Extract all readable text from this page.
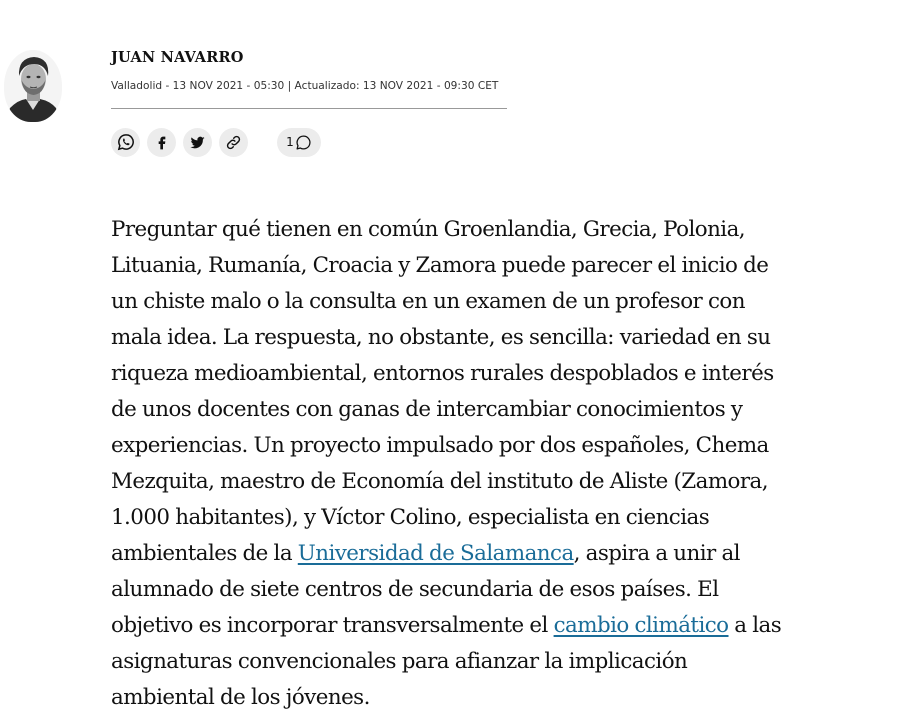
JUAN NAVARRO
Valladolid - 13 NOV 2021 - 05:30 | Actualizado: 13 NOV 2021 - 09:30 CET
1

Preguntar qué tienen en común Groenlandia, Grecia, Polonia,
Lituania, Rumanía, Croacia y Zamora puede parecer el inicio de
un chiste malo o la consulta en un examen de un profesor con
mala idea. La respuesta, no obstante, es sencilla: variedad en su
riqueza medioambiental, entornos rurales despoblados e interés
de unos docentes con ganas de intercambiar conocimientos y
experiencias. Un proyecto impulsado por dos españoles, Chema
Mezquita, maestro de Economía del instituto de Aliste (Zamora,
1.000 habitantes), y Víctor Colino, especialista en ciencias
ambientales de la Universidad de Salamanca, aspira a unir al
alumnado de siete centros de secundaria de esos países. El
objetivo es incorporar transversalmente el cambio climático a las
asignaturas convencionales para afianzar la implicación
ambiental de los jóvenes.
